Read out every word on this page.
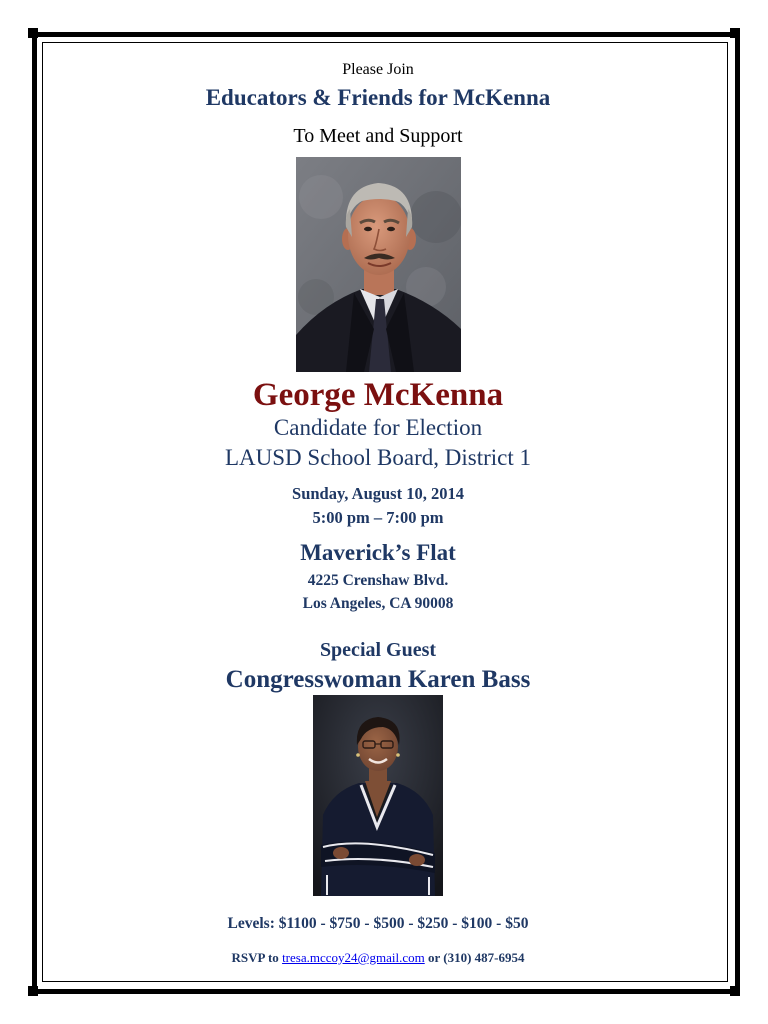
Please Join
Educators & Friends for McKenna
To Meet and Support
George McKenna
Candidate for Election
LAUSD School Board, District 1
Sunday, August 10, 2014
5:00 pm – 7:00 pm
Maverick’s Flat
4225 Crenshaw Blvd.
Los Angeles, CA 90008
Special Guest
Congresswoman Karen Bass
Levels: $1100 - $750 - $500 - $250 - $100 - $50
RSVP to tresa.mccoy24@gmail.com or (310) 487-6954
